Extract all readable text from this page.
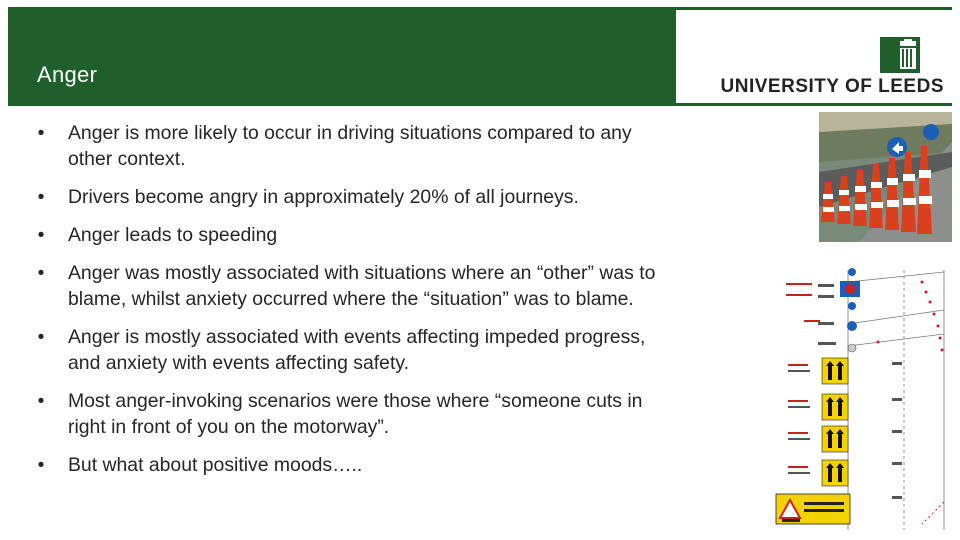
Anger	UNIVERSITY OF LEEDS
• Anger is more likely to occur in driving situations compared to any other context.
• Drivers become angry in approximately 20% of all journeys.
• Anger leads to speeding
• Anger was mostly associated with situations where an “other” was to blame, whilst anxiety occurred where the “situation” was to blame.
• Anger is mostly associated with events affecting impeded progress, and anxiety with events affecting safety.
• Most anger-invoking scenarios were those where “someone cuts in right in front of you on the motorway”.
• But what about positive moods…..
